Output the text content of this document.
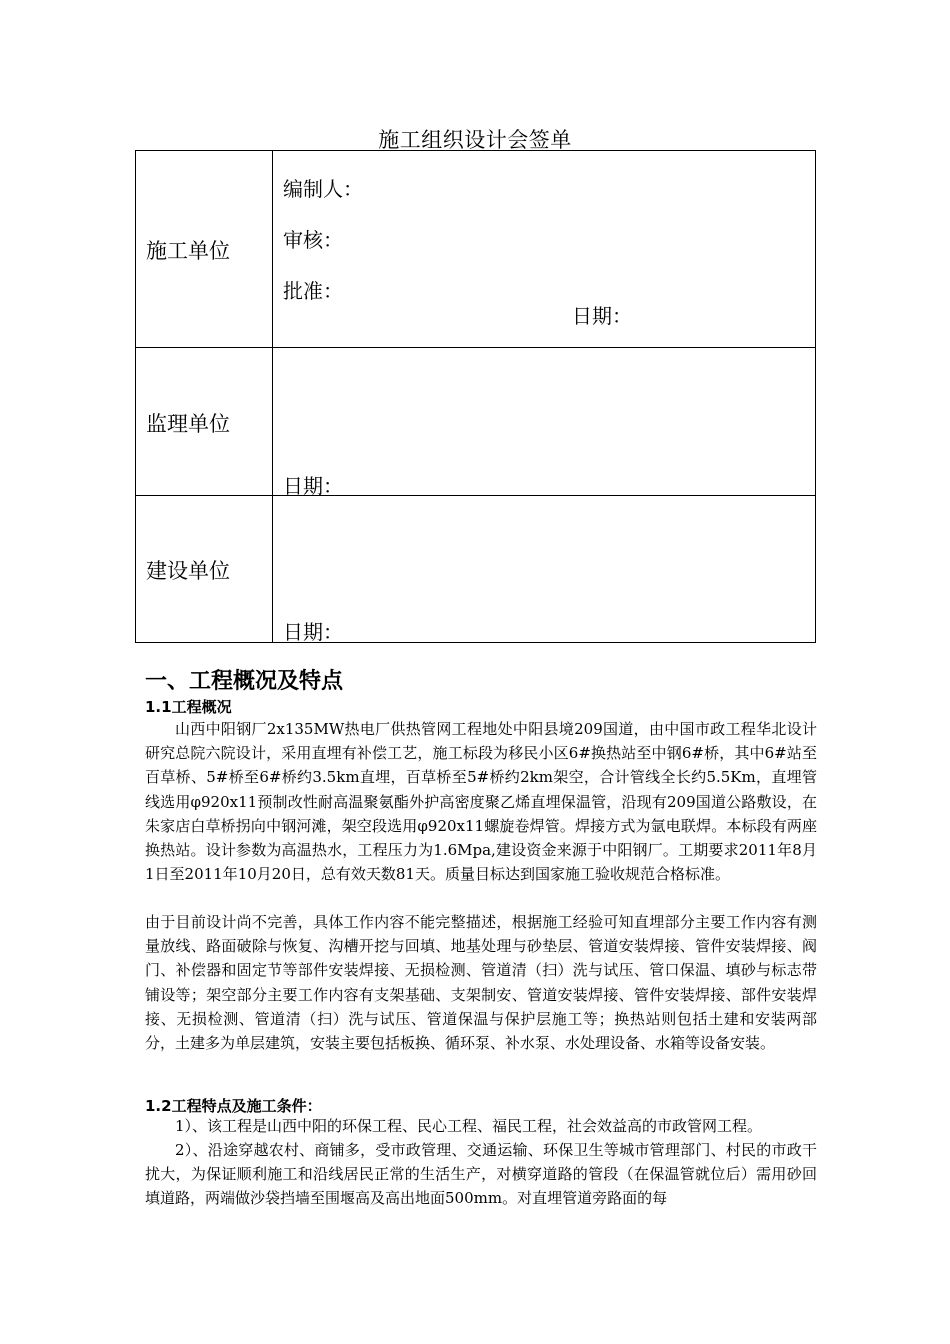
施工组织设计会签单
施工单位	编制人：
审核：
批准：
日期：

监理单位	日期：

建设单位	日期：
一、工程概况及特点
1.1工程概况
山西中阳钢厂2x135MW热电厂供热管网工程地处中阳县境209国道，由中国市政工程华北设计研究总院六院设计，采用直埋有补偿工艺，施工标段为移民小区6#换热站至中钢6#桥，其中6#站至百草桥、5#桥至6#桥约3.5km直埋，百草桥至5#桥约2km架空，合计管线全长约5.5Km，直埋管线选用φ920x11预制改性耐高温聚氨酯外护高密度聚乙烯直埋保温管，沿现有209国道公路敷设，在朱家店白草桥拐向中钢河滩，架空段选用φ920x11螺旋卷焊管。焊接方式为氩电联焊。本标段有两座换热站。设计参数为高温热水，工程压力为1.6Mpa,建设资金来源于中阳钢厂。工期要求2011年8月1日至2011年10月20日，总有效天数81天。质量目标达到国家施工验收规范合格标准。
由于目前设计尚不完善，具体工作内容不能完整描述，根据施工经验可知直埋部分主要工作内容有测量放线、路面破除与恢复、沟槽开挖与回填、地基处理与砂垫层、管道安装焊接、管件安装焊接、阀门、补偿器和固定节等部件安装焊接、无损检测、管道清（扫）洗与试压、管口保温、填砂与标志带铺设等；架空部分主要工作内容有支架基础、支架制安、管道安装焊接、管件安装焊接、部件安装焊接、无损检测、管道清（扫）洗与试压、管道保温与保护层施工等；换热站则包括土建和安装两部分，土建多为单层建筑，安装主要包括板换、循环泵、补水泵、水处理设备、水箱等设备安装。
1.2工程特点及施工条件：
1）、该工程是山西中阳的环保工程、民心工程、福民工程，社会效益高的市政管网工程。
2）、沿途穿越农村、商铺多，受市政管理、交通运输、环保卫生等城市管理部门、村民的市政干扰大，为保证顺利施工和沿线居民正常的生活生产，对横穿道路的管段（在保温管就位后）需用砂回填道路，两端做沙袋挡墙至围堰高及高出地面500mm。对直埋管道旁路面的每
